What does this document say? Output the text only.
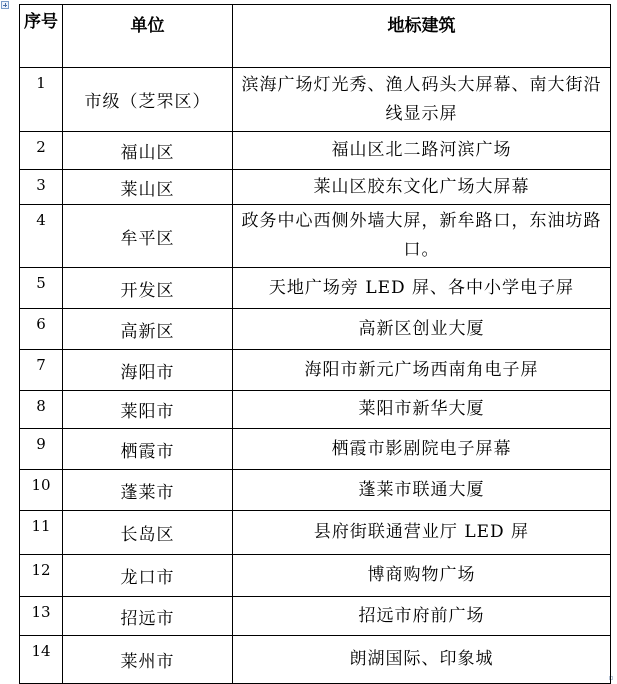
序号	单位	地标建筑
1	市级（芝罘区）	滨海广场灯光秀、渔人码头大屏幕、南大街沿线显示屏
2	福山区	福山区北二路河滨广场
3	莱山区	莱山区胶东文化广场大屏幕
4	牟平区	政务中心西侧外墙大屏，新牟路口，东油坊路口。
5	开发区	天地广场旁 LED 屏、各中小学电子屏
6	高新区	高新区创业大厦
7	海阳市	海阳市新元广场西南角电子屏
8	莱阳市	莱阳市新华大厦
9	栖霞市	栖霞市影剧院电子屏幕
10	蓬莱市	蓬莱市联通大厦
11	长岛区	县府街联通营业厅 LED 屏
12	龙口市	博商购物广场
13	招远市	招远市府前广场
14	莱州市	朗湖国际、印象城
